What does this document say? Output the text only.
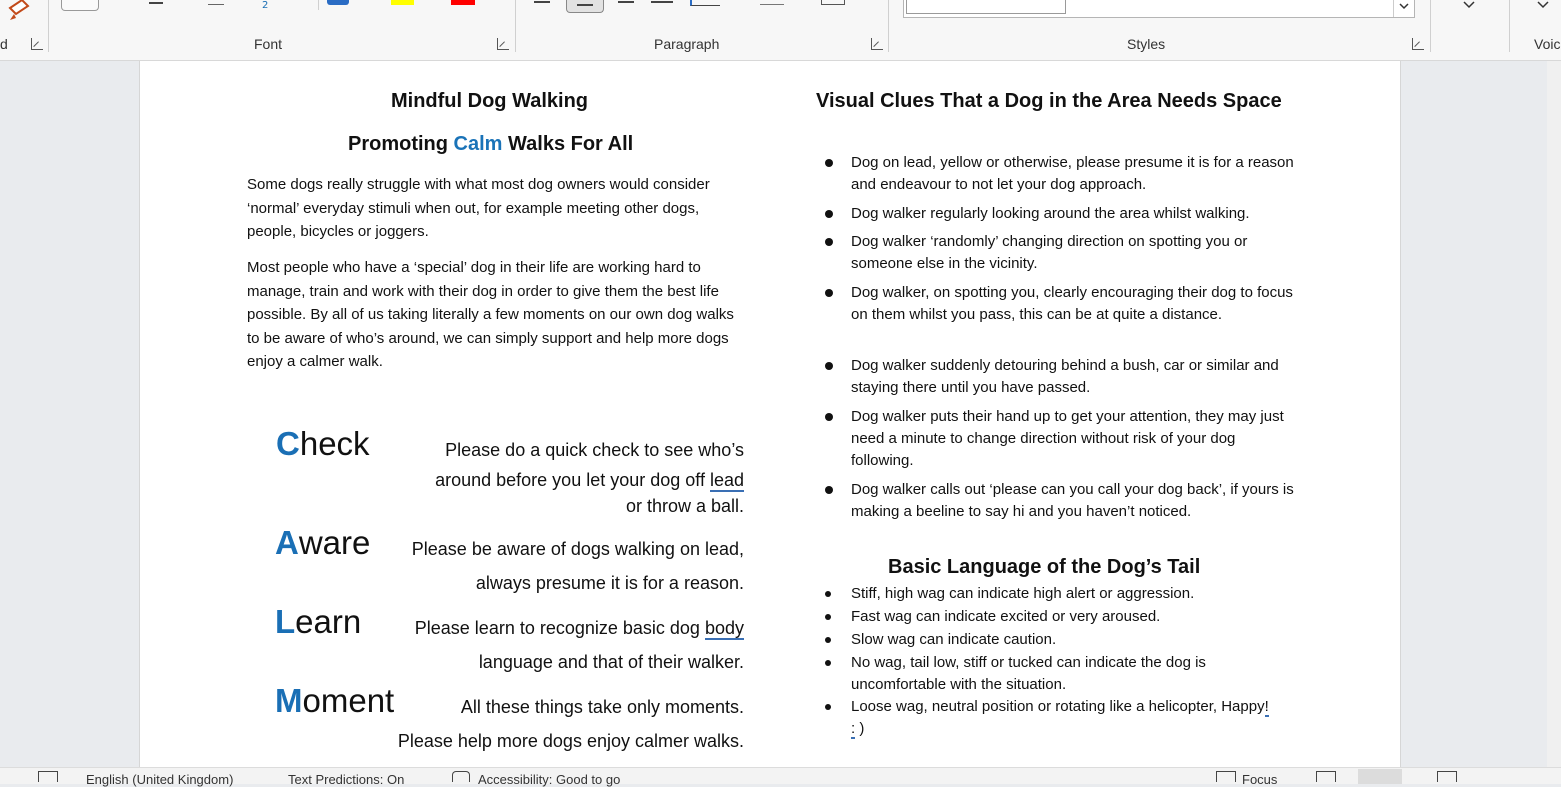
d
2
Font	Paragraph	Styles	Voic
Mindful Dog Walking
Promoting Calm Walks For All
Some dogs really struggle with what most dog owners would consider ‘normal’ everyday stimuli when out, for example meeting other dogs, people, bicycles or joggers.
Most people who have a ‘special’ dog in their life are working hard to manage, train and work with their dog in order to give them the best life possible. By all of us taking literally a few moments on our own dog walks to be aware of who’s around, we can simply support and help more dogs enjoy a calmer walk.
Check	Please do a quick check to see who’s
around before you let your dog off lead
or throw a ball.
Aware Please be aware of dogs walking on lead,
always presume it is for a reason.
Learn	Please learn to recognize basic dog body
language and that of their walker.
Moment	All these things take only moments.
Please help more dogs enjoy calmer walks.
Visual Clues That a Dog in the Area Needs Space
Dog on lead, yellow or otherwise, please presume it is for a reason and endeavour to not let your dog approach.
Dog walker regularly looking around the area whilst walking.
Dog walker ‘randomly’ changing direction on spotting you or someone else in the vicinity.
Dog walker, on spotting you, clearly encouraging their dog to focus on them whilst you pass, this can be at quite a distance.
Dog walker suddenly detouring behind a bush, car or similar and staying there until you have passed.
Dog walker puts their hand up to get your attention, they may just need a minute to change direction without risk of your dog following.
Dog walker calls out ‘please can you call your dog back’, if yours is making a beeline to say hi and you haven’t noticed.
Basic Language of the Dog’s Tail
Stiff, high wag can indicate high alert or aggression.
Fast wag can indicate excited or very aroused.
Slow wag can indicate caution.
No wag, tail low, stiff or tucked can indicate the dog is uncomfortable with the situation.
Loose wag, neutral position or rotating like a helicopter, Happy! : )
English (United Kingdom)	Text Predictions: On	Accessibility: Good to go	Focus
